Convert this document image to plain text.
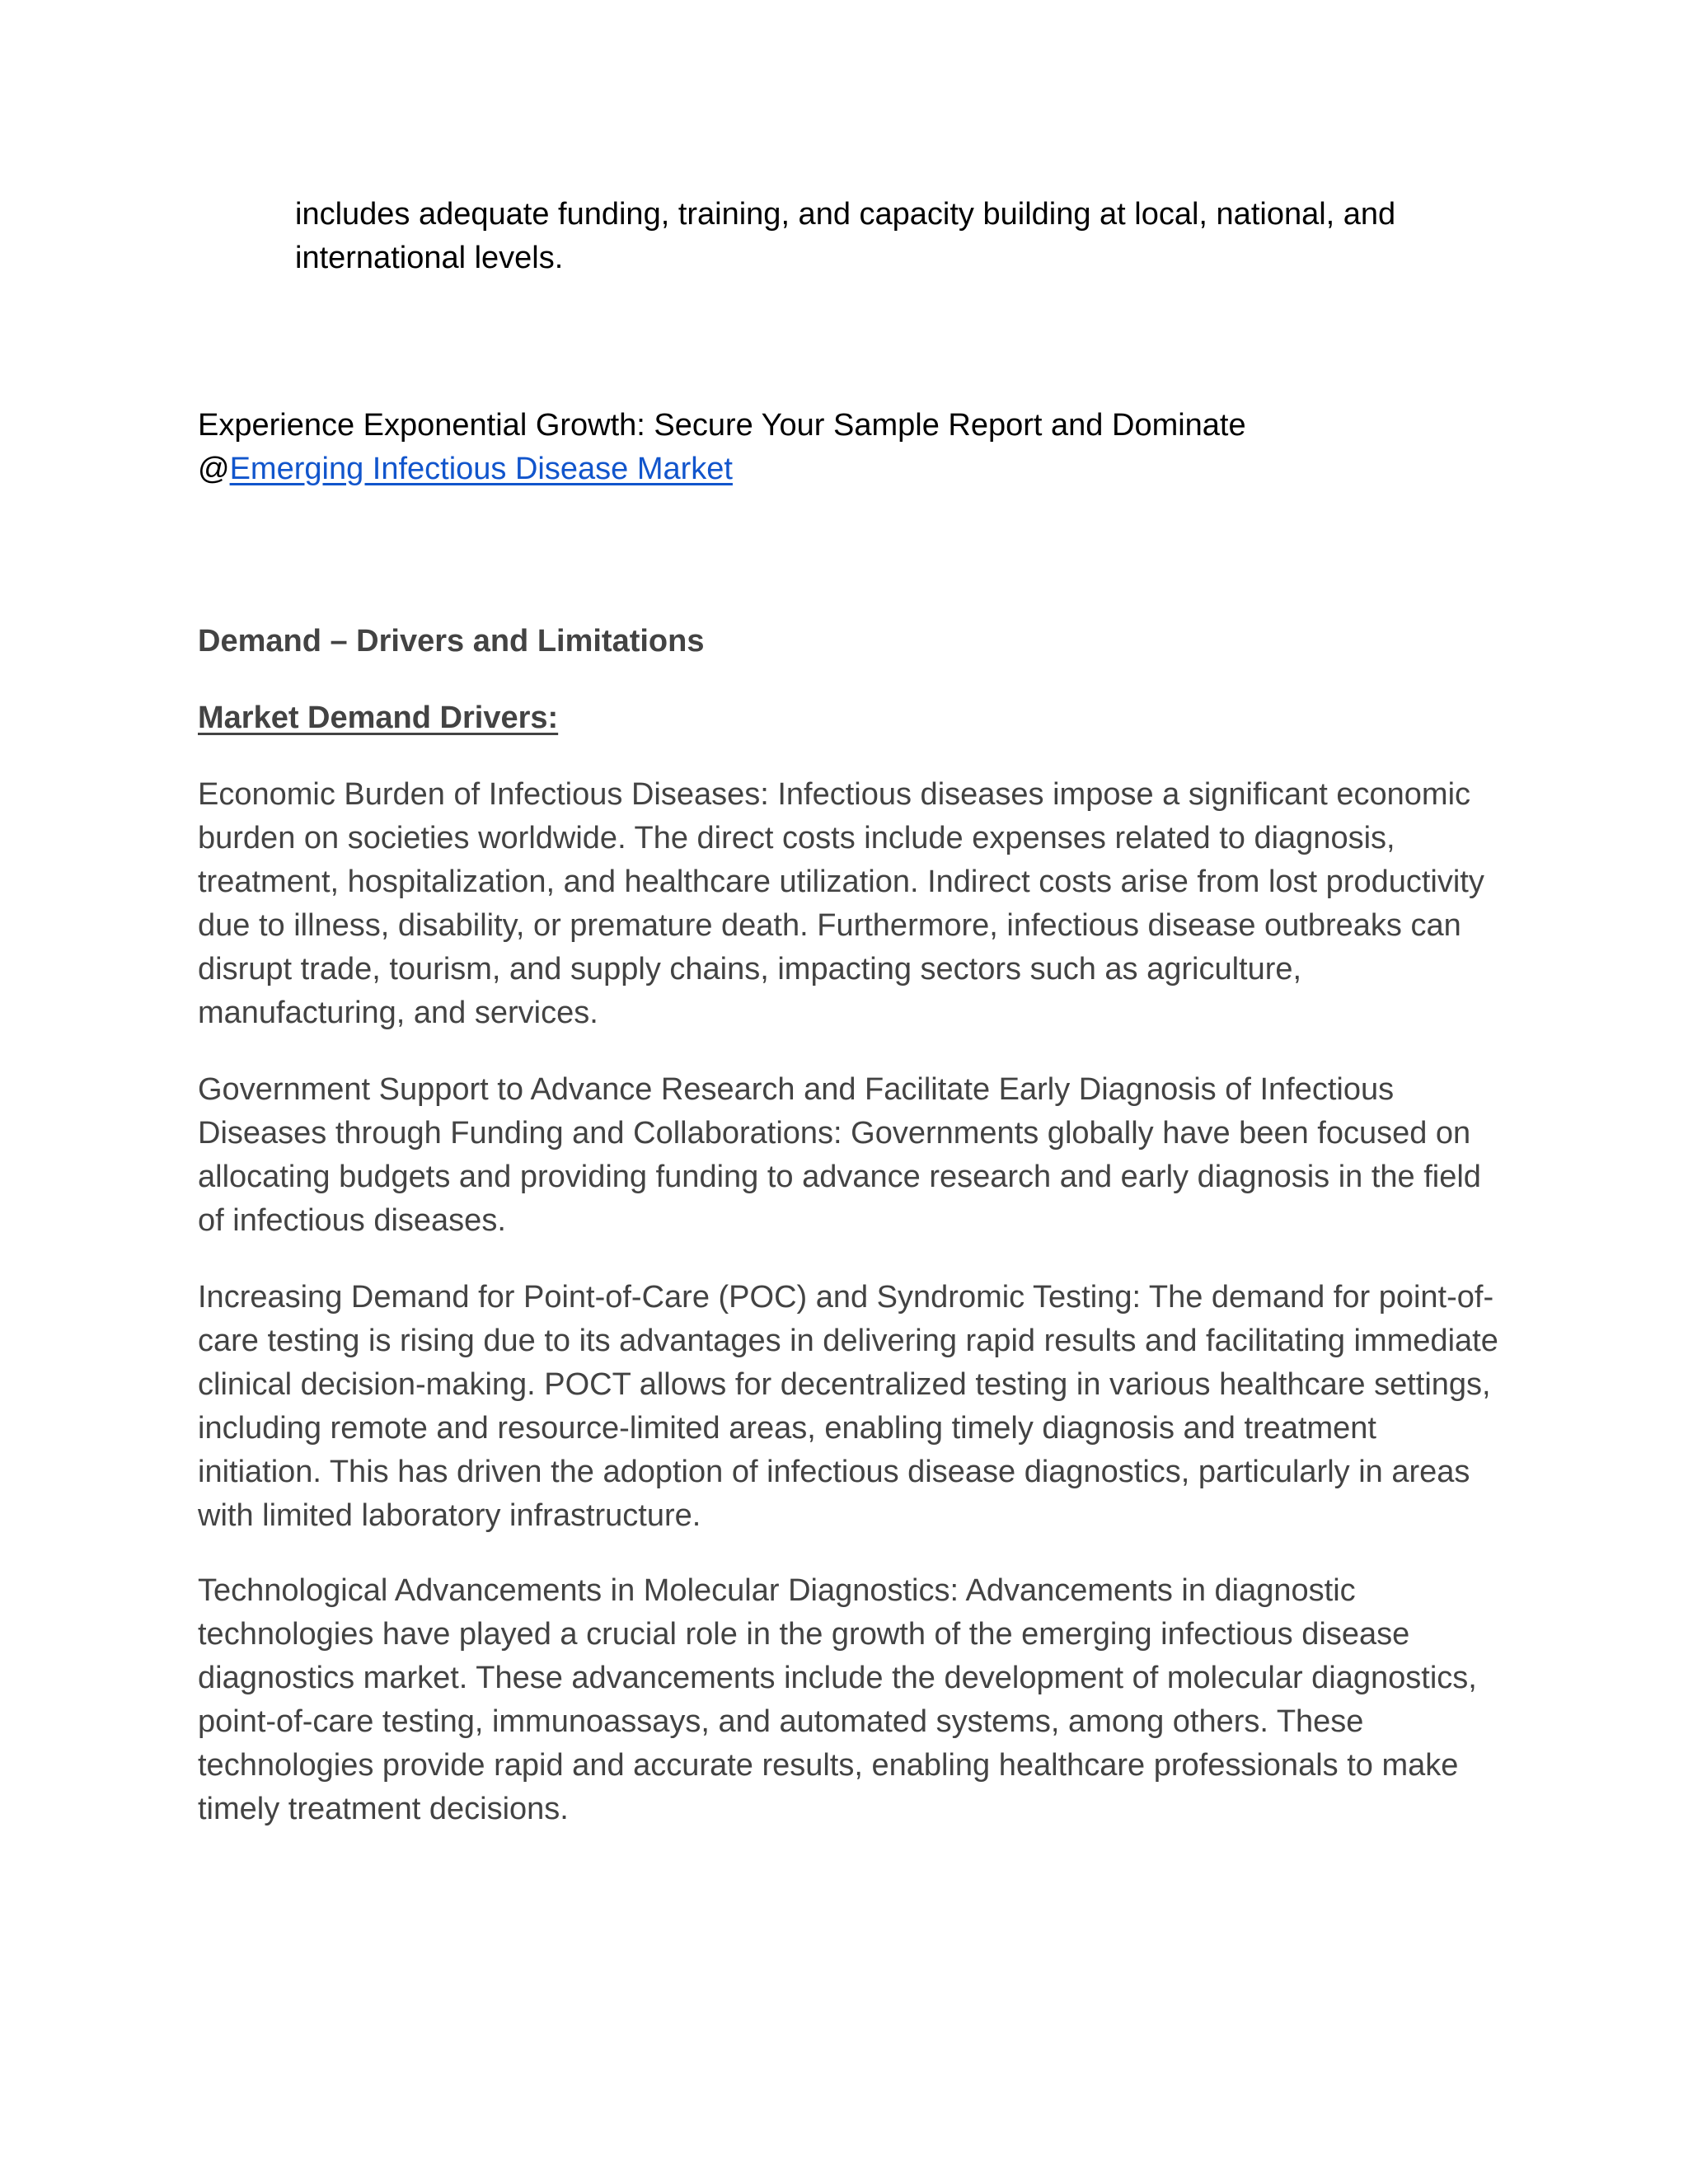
includes adequate funding, training, and capacity building at local, national, and international levels.

Experience Exponential Growth: Secure Your Sample Report and Dominate
@Emerging Infectious Disease Market

Demand – Drivers and Limitations

Market Demand Drivers:

Economic Burden of Infectious Diseases: Infectious diseases impose a significant economic burden on societies worldwide. The direct costs include expenses related to diagnosis, treatment, hospitalization, and healthcare utilization. Indirect costs arise from lost productivity due to illness, disability, or premature death. Furthermore, infectious disease outbreaks can disrupt trade, tourism, and supply chains, impacting sectors such as agriculture, manufacturing, and services.

Government Support to Advance Research and Facilitate Early Diagnosis of Infectious Diseases through Funding and Collaborations: Governments globally have been focused on allocating budgets and providing funding to advance research and early diagnosis in the field of infectious diseases.

Increasing Demand for Point-of-Care (POC) and Syndromic Testing: The demand for point-of-care testing is rising due to its advantages in delivering rapid results and facilitating immediate clinical decision-making. POCT allows for decentralized testing in various healthcare settings, including remote and resource-limited areas, enabling timely diagnosis and treatment initiation. This has driven the adoption of infectious disease diagnostics, particularly in areas with limited laboratory infrastructure.

Technological Advancements in Molecular Diagnostics: Advancements in diagnostic technologies have played a crucial role in the growth of the emerging infectious disease diagnostics market. These advancements include the development of molecular diagnostics, point-of-care testing, immunoassays, and automated systems, among others. These technologies provide rapid and accurate results, enabling healthcare professionals to make timely treatment decisions.
